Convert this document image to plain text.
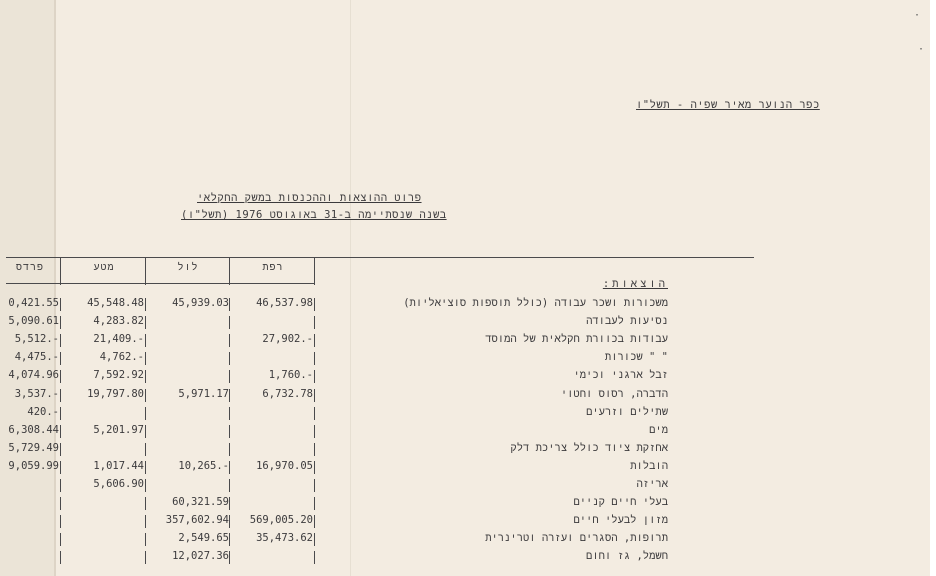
·
·
כפר הנוער מאיר שפיה - תשל"ו
פרוט ההוצאות וההכנסות במשק החקלאי
בשנה שנסתיימה ב-31 באוגוסט 1976 (תשל"ו)
רפת
לול
מטע
פרדס
הוצאות:
משכורות ושכר עבודה (כולל תוספות סוציאליות)
46,537.98
45,939.03
45,548.48
0,421.55
נסיעות לעבודה
4,283.82
5,090.61
עבודות בכוורת חקלאית של המוסד
27,902.-
21,409.-
5,512.-
" " שכורות
4,762.-
4,475.-
זבל ארגני וכימי
1,760.-
7,592.92
4,074.96
הדברה, רסוס וחטוי
6,732.78
5,971.17
19,797.80
3,537.-
שתילים וזרעים
420.-
מים
5,201.97
6,308.44
אחזקת ציוד כולל צריכת דלק
5,729.49
הובלות
16,970.05
10,265.-
1,017.44
9,059.99
אריזה
5,606.90
בעלי חיים קניים
60,321.59
מזון לבעלי חיים
569,005.20
357,602.94
תרופות, הסגרים ועזרה וטרינרית
35,473.62
2,549.65
חשמל, גז וחום
12,027.36
